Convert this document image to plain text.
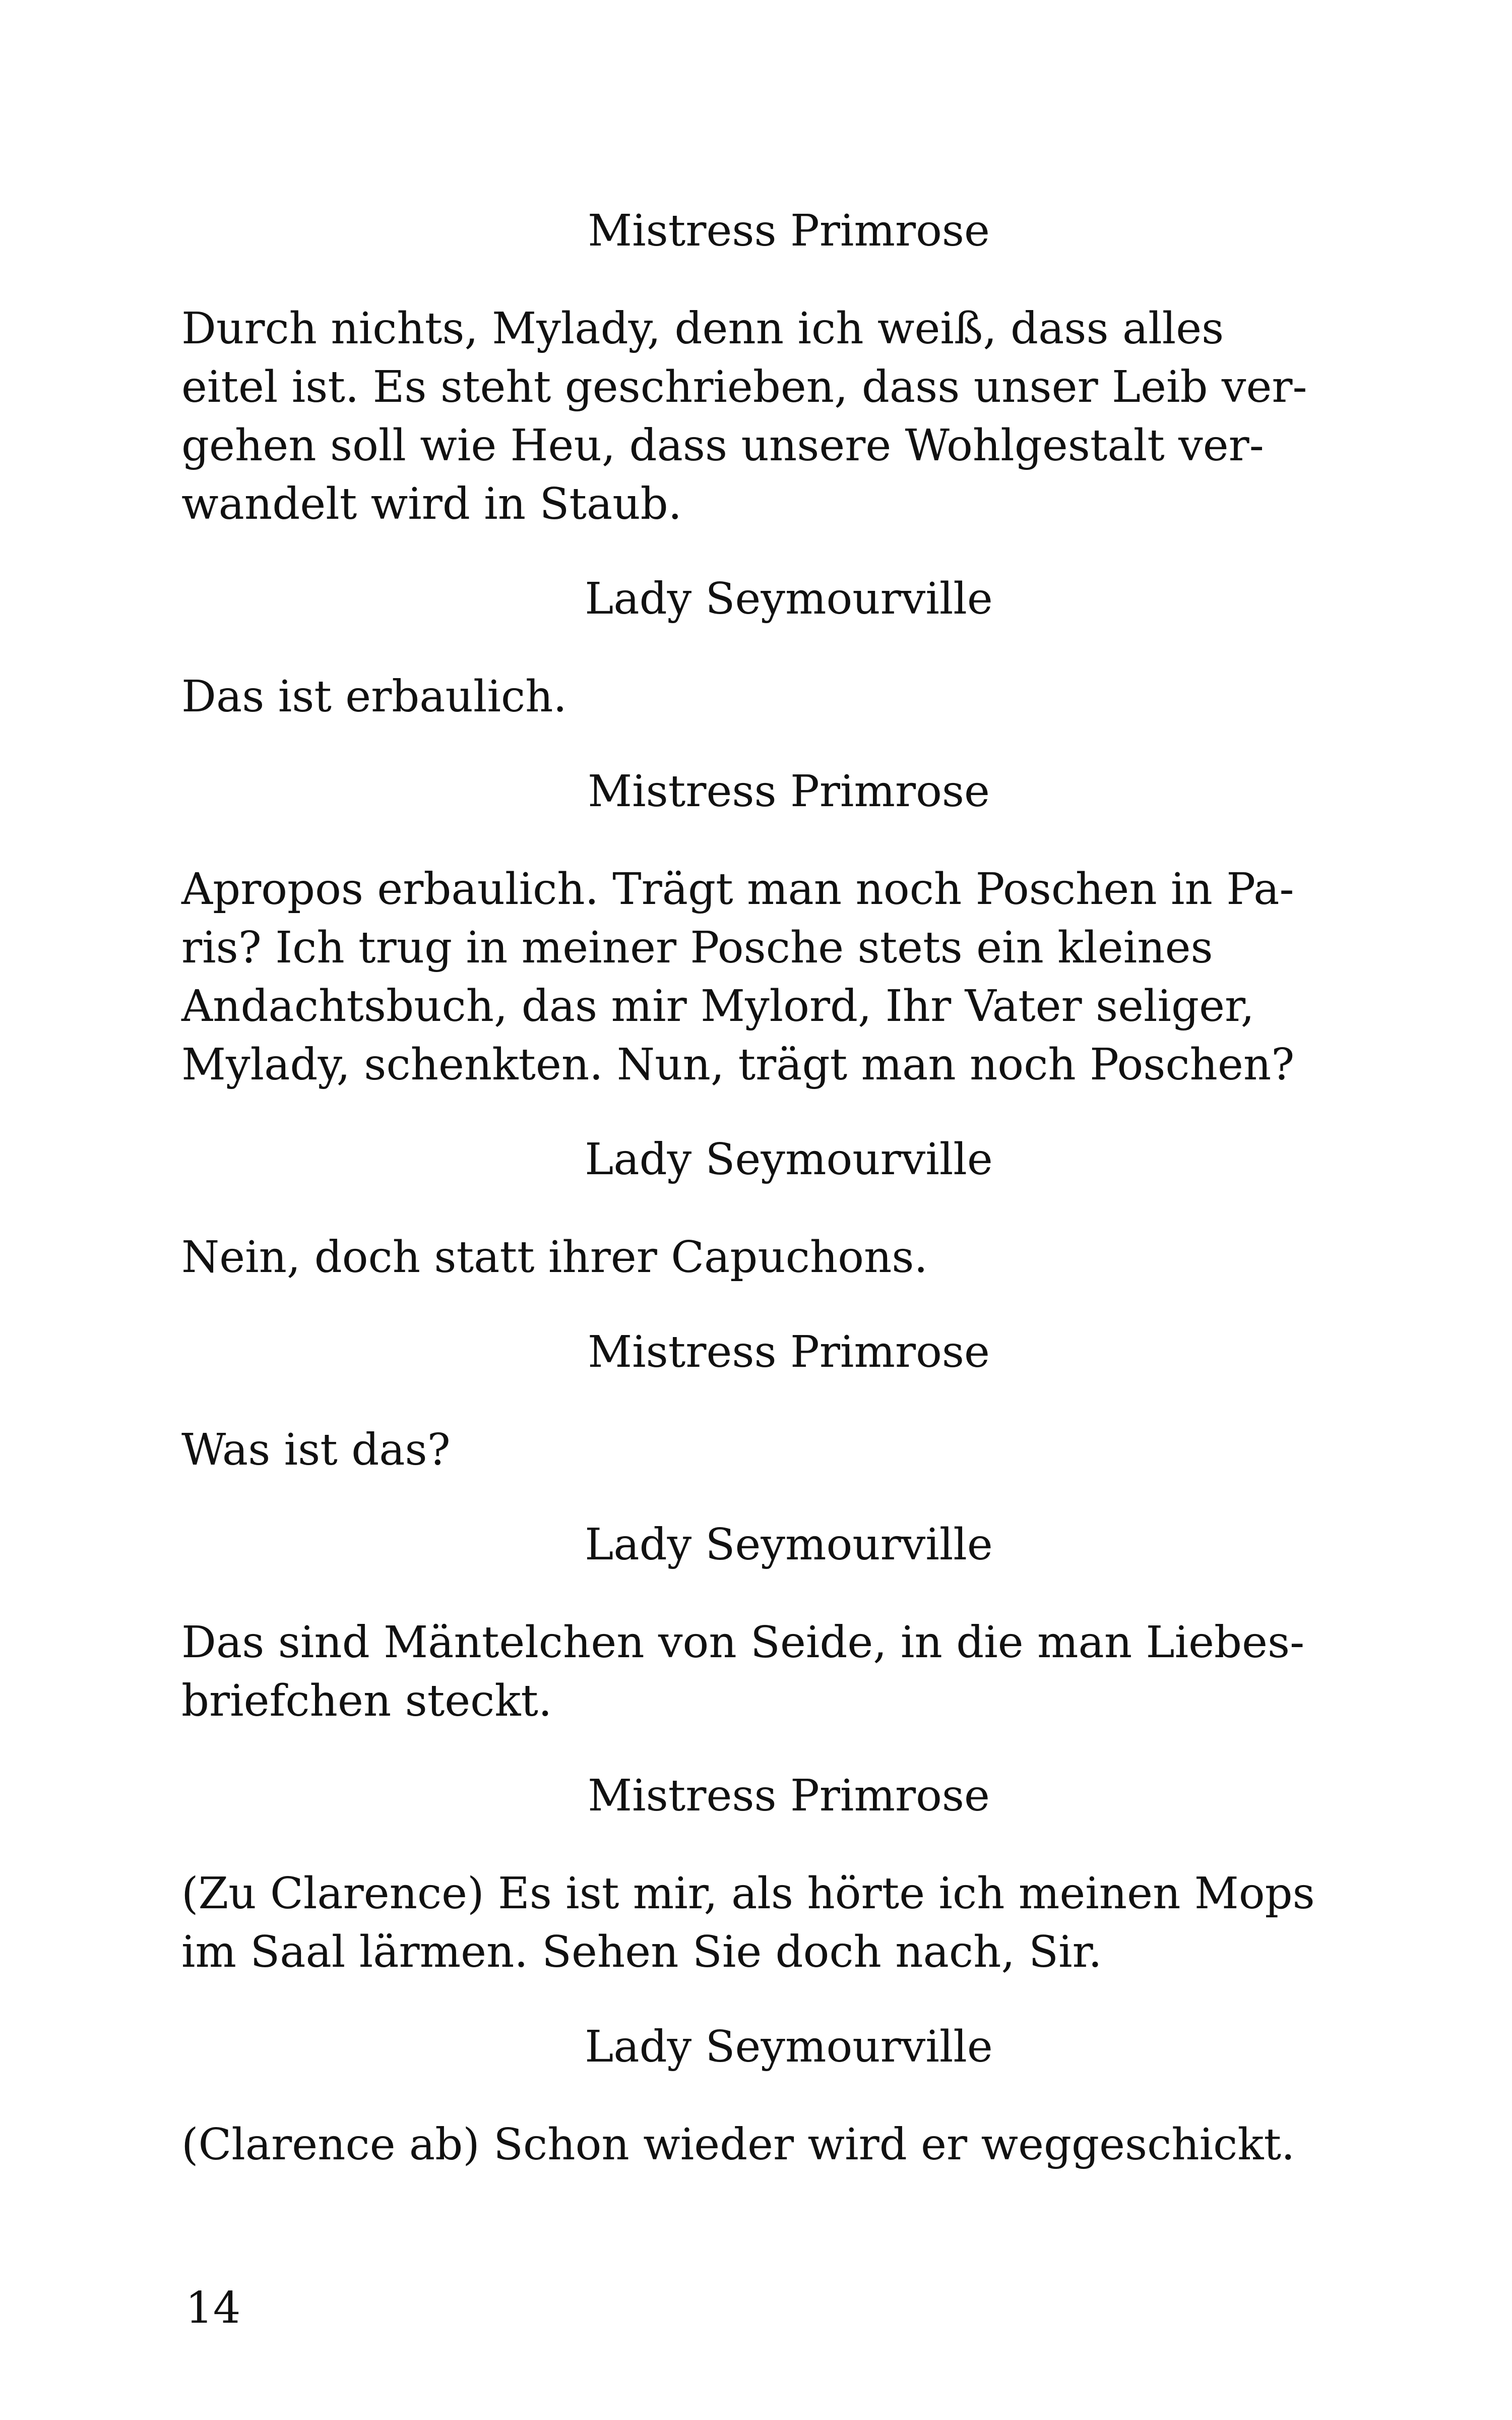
Mistress Primrose

Durch nichts, Mylady, denn ich weiß, dass alles

eitel ist. Es steht geschrieben, dass unser Leib ver-

gehen soll wie Heu, dass unsere Wohlgestalt ver-

wandelt wird in Staub.

Lady Seymourville

Das ist erbaulich.

Mistress Primrose

Apropos erbaulich. Trägt man noch Poschen in Pa-

ris? Ich trug in meiner Posche stets ein kleines

Andachtsbuch, das mir Mylord, Ihr Vater seliger,

Mylady, schenkten. Nun, trägt man noch Poschen?

Lady Seymourville

Nein, doch statt ihrer Capuchons.

Mistress Primrose

Was ist das?

Lady Seymourville

Das sind Mäntelchen von Seide, in die man Liebes-

briefchen steckt.

Mistress Primrose

(Zu Clarence) Es ist mir, als hörte ich meinen Mops

im Saal lärmen. Sehen Sie doch nach, Sir.

Lady Seymourville

(Clarence ab) Schon wieder wird er weggeschickt.

14
